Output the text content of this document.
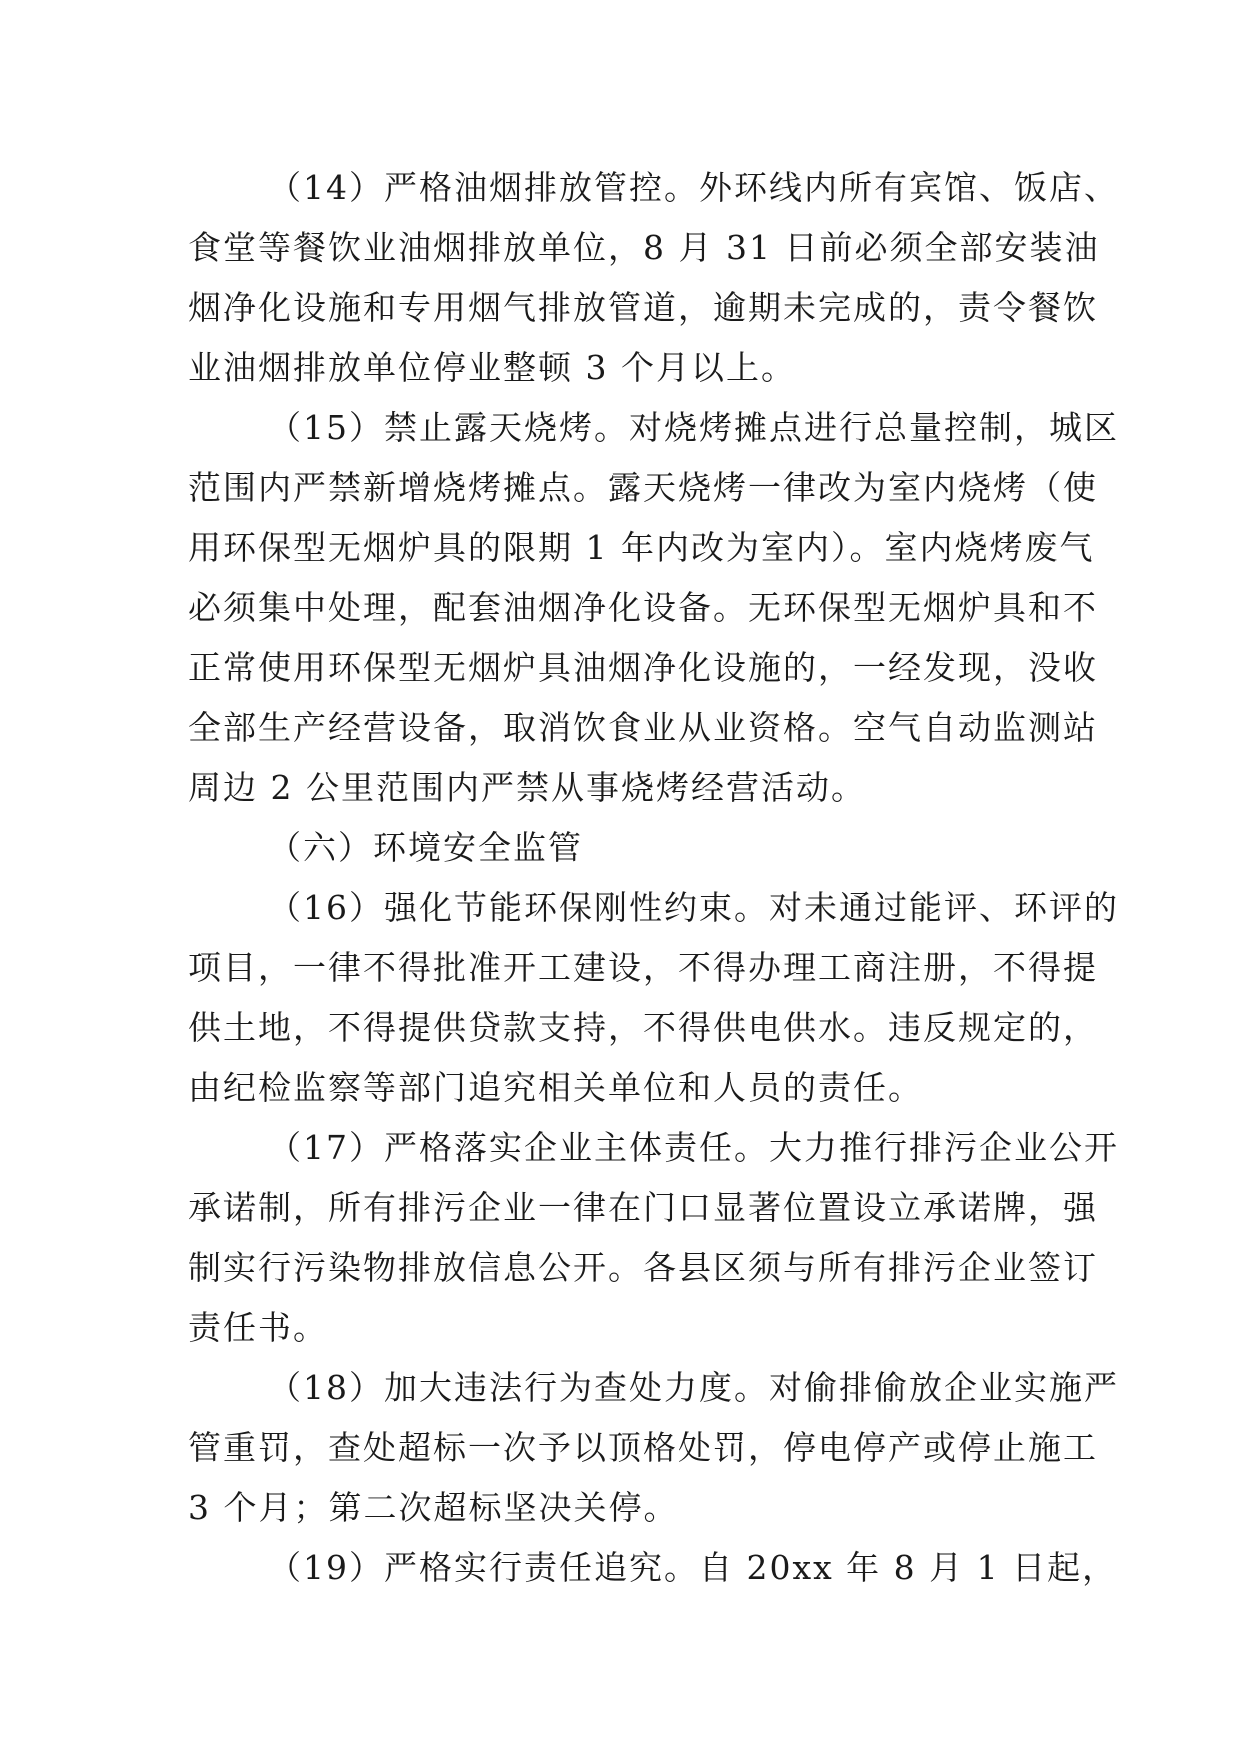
（14）严格油烟排放管控。外环线内所有宾馆、饭店、
食堂等餐饮业油烟排放单位，8 月 31 日前必须全部安装油
烟净化设施和专用烟气排放管道，逾期未完成的，责令餐饮
业油烟排放单位停业整顿 3 个月以上。

（15）禁止露天烧烤。对烧烤摊点进行总量控制，城区
范围内严禁新增烧烤摊点。露天烧烤一律改为室内烧烤（使
用环保型无烟炉具的限期 1 年内改为室内）。室内烧烤废气
必须集中处理，配套油烟净化设备。无环保型无烟炉具和不
正常使用环保型无烟炉具油烟净化设施的，一经发现，没收
全部生产经营设备，取消饮食业从业资格。空气自动监测站
周边 2 公里范围内严禁从事烧烤经营活动。

（六）环境安全监管

（16）强化节能环保刚性约束。对未通过能评、环评的
项目，一律不得批准开工建设，不得办理工商注册，不得提
供土地，不得提供贷款支持，不得供电供水。违反规定的，
由纪检监察等部门追究相关单位和人员的责任。

（17）严格落实企业主体责任。大力推行排污企业公开
承诺制，所有排污企业一律在门口显著位置设立承诺牌，强
制实行污染物排放信息公开。各县区须与所有排污企业签订
责任书。

（18）加大违法行为查处力度。对偷排偷放企业实施严
管重罚，查处超标一次予以顶格处罚，停电停产或停止施工
3 个月；第二次超标坚决关停。

（19）严格实行责任追究。自 20xx 年 8 月 1 日起，
